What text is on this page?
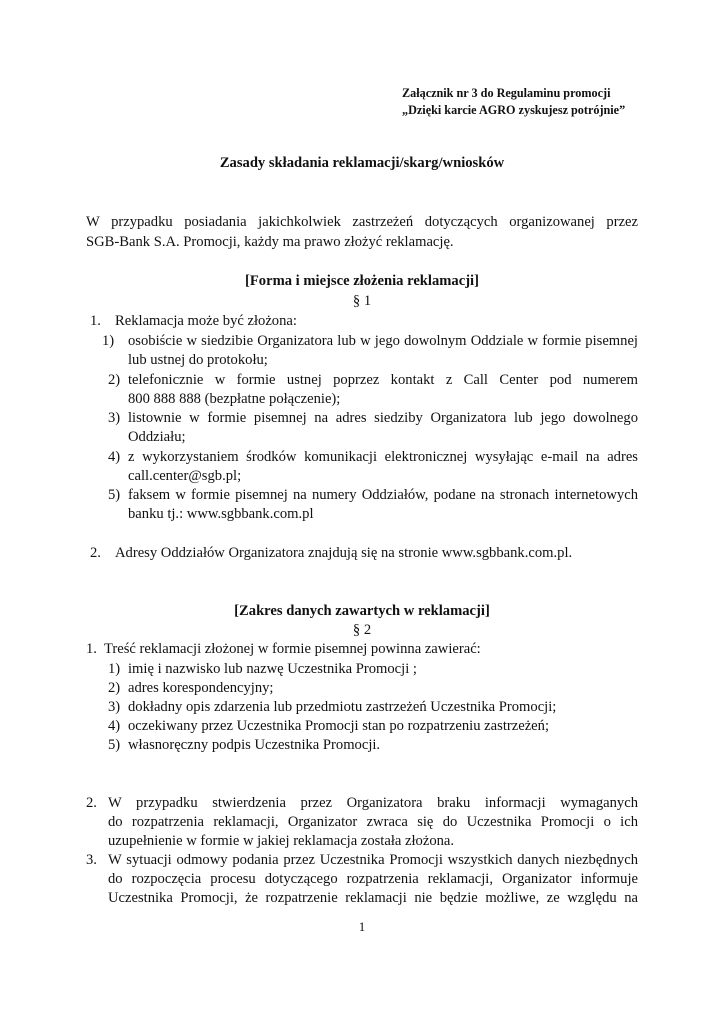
Załącznik nr 3 do Regulaminu promocji
„Dzięki karcie AGRO zyskujesz potrójnie”
Zasady składania reklamacji/skarg/wniosków
W przypadku posiadania jakichkolwiek zastrzeżeń dotyczących organizowanej przez
SGB-Bank S.A. Promocji, każdy ma prawo złożyć reklamację.
[Forma i miejsce złożenia reklamacji]
§ 1
1. Reklamacja może być złożona:
1) osobiście w siedzibie Organizatora lub w jego dowolnym Oddziale w formie pisemnej
lub ustnej do protokołu;
2) telefonicznie w formie ustnej poprzez kontakt z Call Center pod numerem
800 888 888 (bezpłatne połączenie);
3) listownie w formie pisemnej na adres siedziby Organizatora lub jego dowolnego
Oddziału;
4) z wykorzystaniem środków komunikacji elektronicznej wysyłając e-mail na adres
call.center@sgb.pl;
5) faksem w formie pisemnej na numery Oddziałów, podane na stronach internetowych
banku tj.: www.sgbbank.com.pl
2. Adresy Oddziałów Organizatora znajdują się na stronie www.sgbbank.com.pl.
[Zakres danych zawartych w reklamacji]
§ 2
1. Treść reklamacji złożonej w formie pisemnej powinna zawierać:
1) imię i nazwisko lub nazwę Uczestnika Promocji ;
2) adres korespondencyjny;
3) dokładny opis zdarzenia lub przedmiotu zastrzeżeń Uczestnika Promocji;
4) oczekiwany przez Uczestnika Promocji stan po rozpatrzeniu zastrzeżeń;
5) własnoręczny podpis Uczestnika Promocji.
2. W przypadku stwierdzenia przez Organizatora braku informacji wymaganych
do rozpatrzenia reklamacji, Organizator zwraca się do Uczestnika Promocji o ich
uzupełnienie w formie w jakiej reklamacja została złożona.
3. W sytuacji odmowy podania przez Uczestnika Promocji wszystkich danych niezbędnych
do rozpoczęcia procesu dotyczącego rozpatrzenia reklamacji, Organizator informuje
Uczestnika Promocji, że rozpatrzenie reklamacji nie będzie możliwe, ze względu na
1
